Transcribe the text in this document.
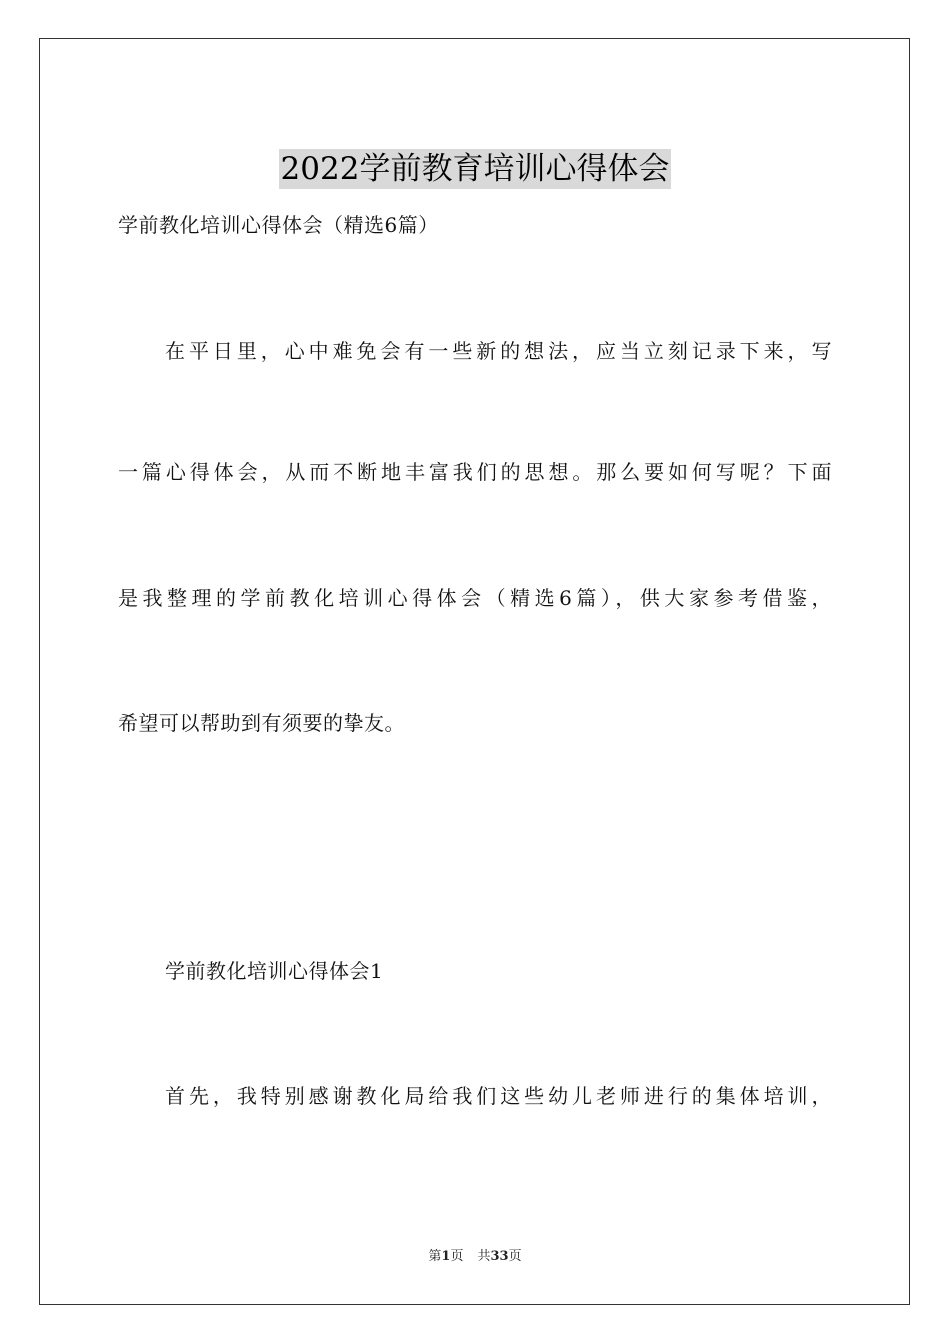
2022学前教育培训心得体会

学前教化培训心得体会（精选6篇）

在平日里，心中难免会有一些新的想法，应当立刻记录下来，写

一篇心得体会，从而不断地丰富我们的思想。那么要如何写呢？下面

是我整理的学前教化培训心得体会（精选6篇），供大家参考借鉴，

希望可以帮助到有须要的挚友。

学前教化培训心得体会1

首先，我特别感谢教化局给我们这些幼儿老师进行的集体培训，

第1页 共33页
